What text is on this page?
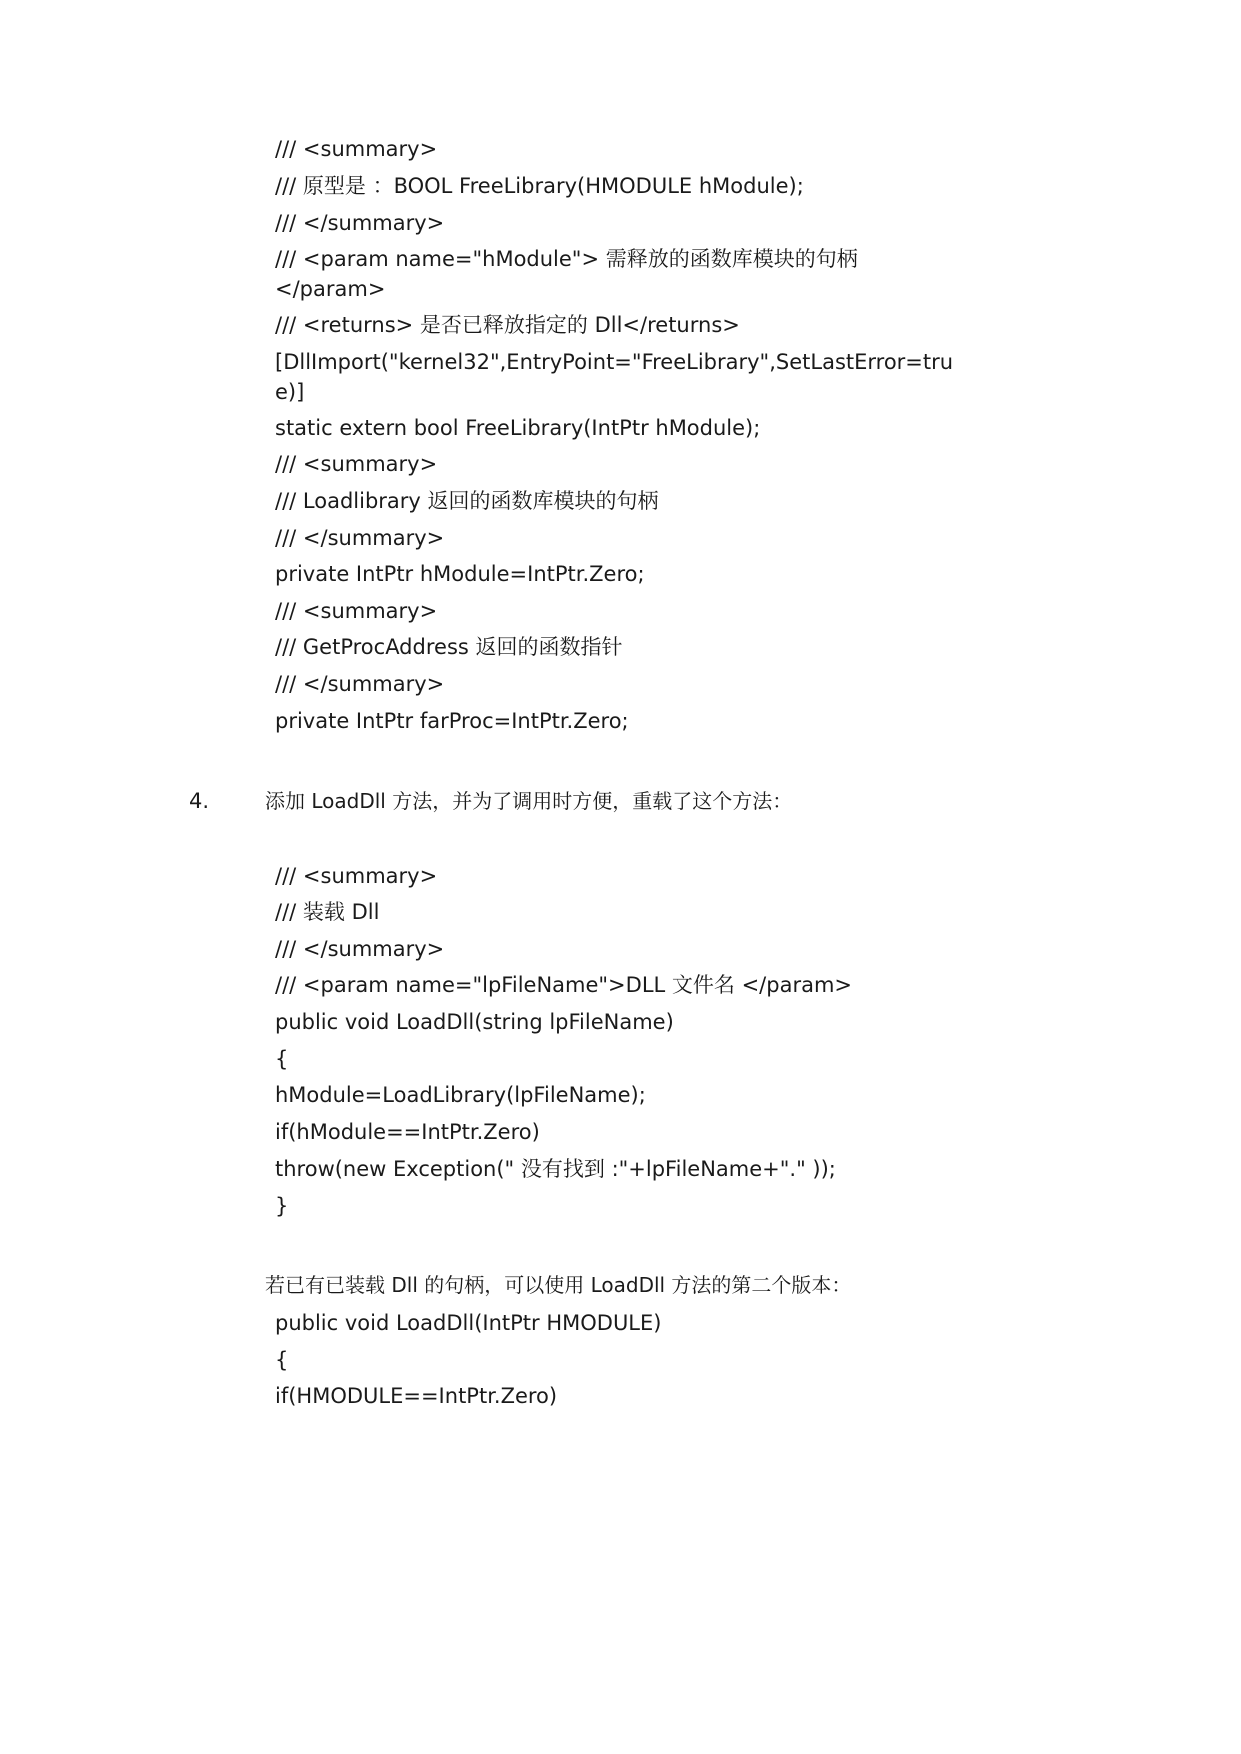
/// <summary>
/// 原型是 ：BOOL FreeLibrary(HMODULE hModule);
/// </summary>
/// <param name="hModule"> 需释放的函数库模块的句柄
</param>
/// <returns> 是否已释放指定的 Dll</returns>
[DllImport("kernel32",EntryPoint="FreeLibrary",SetLastError=tru
e)]
static extern bool FreeLibrary(IntPtr hModule);
/// <summary>
/// Loadlibrary 返回的函数库模块的句柄
/// </summary>
private IntPtr hModule=IntPtr.Zero;
/// <summary>
/// GetProcAddress 返回的函数指针
/// </summary>
private IntPtr farProc=IntPtr.Zero;
4.	添加 LoadDll 方法，并为了调用时方便，重载了这个方法：
/// <summary>
/// 装载 Dll
/// </summary>
/// <param name="lpFileName">DLL 文件名 </param>
public void LoadDll(string lpFileName)
{
hModule=LoadLibrary(lpFileName);
if(hModule==IntPtr.Zero)
throw(new Exception(" 没有找到 :"+lpFileName+"." ));
}
若已有已装载 Dll 的句柄，可以使用 LoadDll 方法的第二个版本：
public void LoadDll(IntPtr HMODULE)
{
if(HMODULE==IntPtr.Zero)
